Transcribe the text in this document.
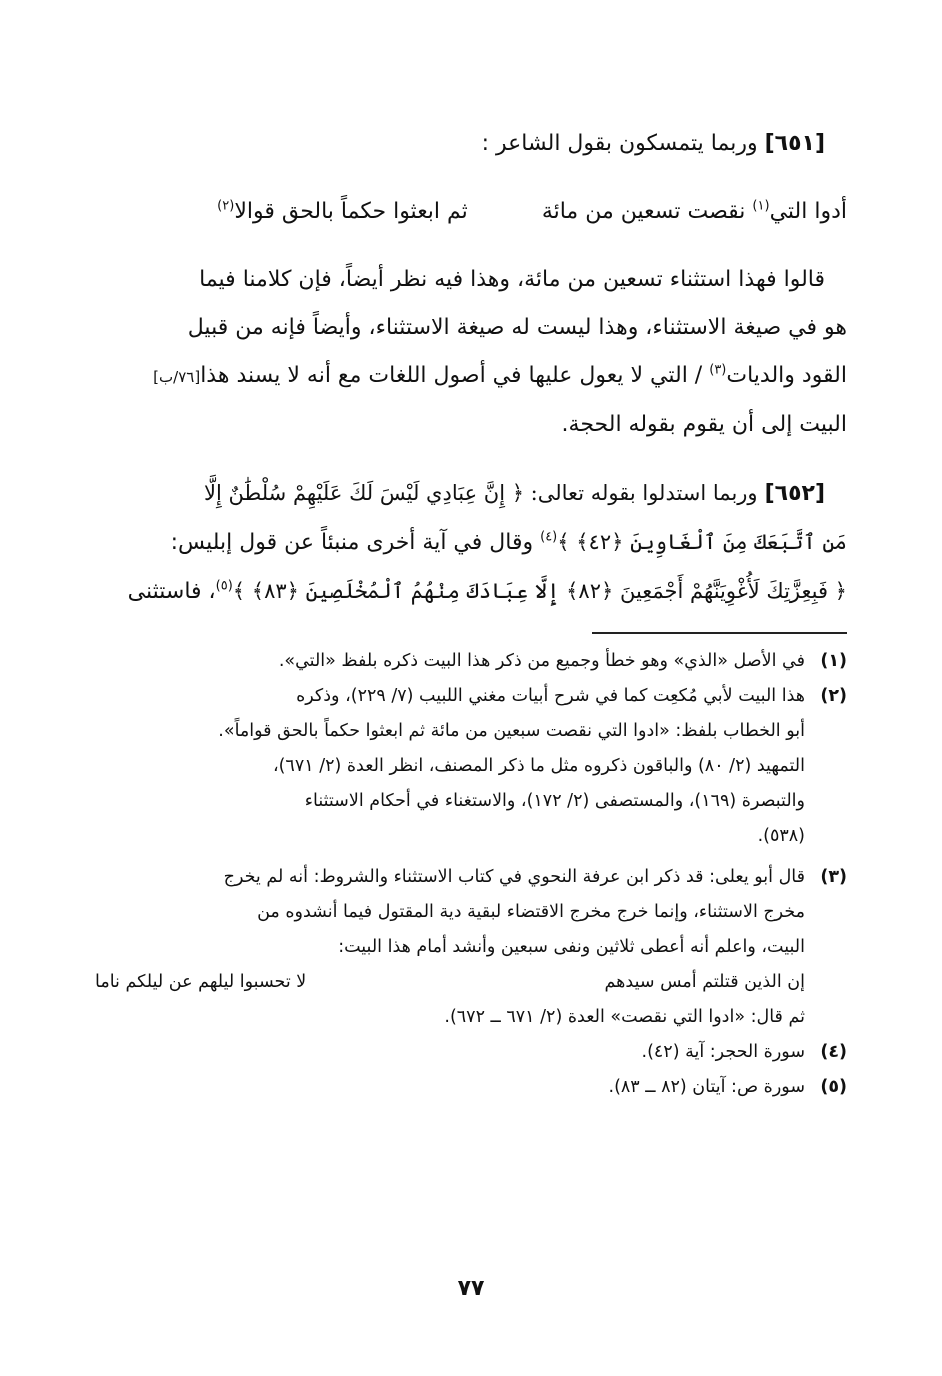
[٦٥١] وربما يتمسكون بقول الشاعر :

أدوا التي$^{(١)}$ نقصت تسعين من مائة  ثم ابعثوا حكماً بالحق قوالا$^{(٢)}$

قالوا فهذا استثناء تسعين من مائة، وهذا فيه نظر أيضاً، فإن كلامنا فيما

هو في صيغة الاستثناء، وهذا ليست له صيغة الاستثناء، وأيضاً فإنه من قبيل

القود والديات$^{(٣)}$ / التي لا يعول عليها في أصول اللغات مع أنه لا يسند هذا[٧٦/ب]

البيت إلى أن يقوم بقوله الحجة.

[٦٥٢] وربما استدلوا بقوله تعالى: ﴿ إِنَّ عِبَادِي لَيْسَ لَكَ عَلَيْهِمْ سُلْطَٰنٌ إِلَّا

مَنِ ٱتَّبَعَكَ مِنَ ٱلْغَاوِينَ ﴿٤٢﴾ ﴾$^{(٤)}$ وقال في آية أخرى منبئاً عن قول إبليس:

﴿ فَبِعِزَّتِكَ لَأُغْوِيَنَّهُمْ أَجْمَعِينَ ﴿٨٢﴾ إِلَّا عِبَادَكَ مِنْهُمُ ٱلْمُخْلَصِينَ ﴿٨٣﴾ ﴾$^{(٥)}$، فاستثنى

(١)

في الأصل «الذي» وهو خطأ وجميع من ذكر هذا البيت ذكره بلفظ «التي».

(٢)

هذا البيت لأبي مُكعِت كما في شرح أبيات مغني اللبيب (٧/ ٢٢٩)، وذكره

أبو الخطاب بلفظ: «ادوا التي نقصت سبعين من مائة ثم ابعثوا حكماً بالحق قواماً».

التمهيد (٢/ ٨٠) والباقون ذكروه مثل ما ذكر المصنف، انظر العدة (٢/ ٦٧١)،

والتبصرة (١٦٩)، والمستصفى (٢/ ١٧٢)، والاستغناء في أحكام الاستثناء

(٥٣٨).

(٣)

قال أبو يعلى: قد ذكر ابن عرفة النحوي في كتاب الاستثناء والشروط: أنه لم يخرج

مخرج الاستثناء، وإنما خرج مخرج الاقتضاء لبقية دية المقتول فيما أنشدوه من

البيت، واعلم أنه أعطى ثلاثين ونفى سبعين وأنشد أمام هذا البيت:

إن الذين قتلتم أمس سيدهم
لا تحسبوا ليلهم عن ليلكم ناما

ثم قال: «ادوا التي نقصت» العدة (٢/ ٦٧١ ــ ٦٧٢).

(٤)

سورة الحجر: آية (٤٢).

(٥)

سورة ص: آيتان (٨٢ ــ ٨٣).

٧٧
